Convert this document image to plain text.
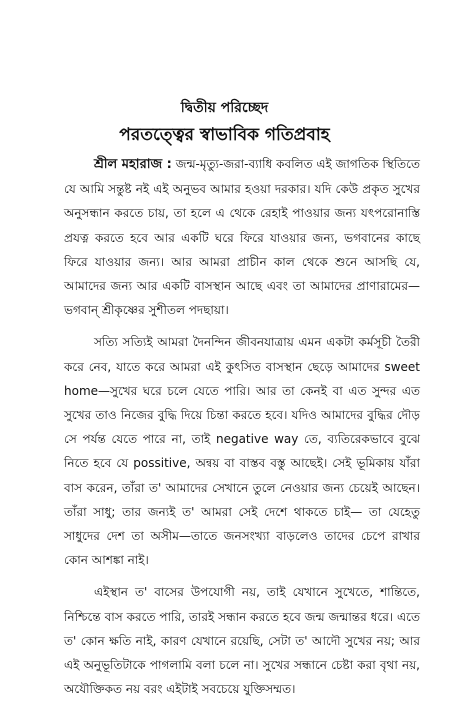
দ্বিতীয় পরিচ্ছেদ
পরতত্ত্বের স্বাভাবিক গতিপ্রবাহ

শ্রীল মহারাজ : জন্ম-মৃত্যু-জরা-ব্যাধি কবলিত এই জাগতিক স্থিতিতে যে আমি সন্তুষ্ট নই এই অনুভব আমার হওয়া দরকার। যদি কেউ প্রকৃত সুখের অনুসন্ধান করতে চায়, তা হলে এ থেকে রেহাই পাওয়ার জন্য যৎপরোনাস্তি প্রযত্ন করতে হবে আর একটি ঘরে ফিরে যাওয়ার জন্য, ভগবানের কাছে ফিরে যাওয়ার জন্য। আর আমরা প্রাচীন কাল থেকে শুনে আসছি যে, আমাদের জন্য আর একটি বাসস্থান আছে এবং তা আমাদের প্রাণারামের—ভগবান্ শ্রীকৃষ্ণের সুশীতল পদছায়া।

সত্যি সত্যিই আমরা দৈনন্দিন জীবনযাত্রায় এমন একটা কর্মসূচী তৈরী করে নেব, যাতে করে আমরা এই কুৎসিত বাসস্থান ছেড়ে আমাদের sweet home—সুখের ঘরে চলে যেতে পারি। আর তা কেনই বা এত সুন্দর এত সুখের তাও নিজের বুদ্ধি দিয়ে চিন্তা করতে হবে। যদিও আমাদের বুদ্ধির দৌড় সে পর্যন্ত যেতে পারে না, তাই negative way তে, ব্যতিরেকভাবে বুঝে নিতে হবে যে possitive, অন্বয় বা বাস্তব বস্তু আছেই। সেই ভূমিকায় যাঁরা বাস করেন, তাঁরা ত' আমাদের সেখানে তুলে নেওয়ার জন্য চেয়েই আছেন। তাঁরা সাধু; তার জন্যই ত' আমরা সেই দেশে থাকতে চাই— তা যেহেতু সাধুদের দেশ তা অসীম—তাতে জনসংখ্যা বাড়লেও তাদের চেপে রাখার কোন আশঙ্কা নাই।

এইস্থান ত' বাসের উপযোগী নয়, তাই যেখানে সুখেতে, শান্তিতে, নিশ্চিন্তে বাস করতে পারি, তারই সন্ধান করতে হবে জন্ম জন্মান্তর ধরে। এতে ত' কোন ক্ষতি নাই, কারণ যেখানে রয়েছি, সেটা ত' আদৌ সুখের নয়; আর এই অনুভূতিটাকে পাগলামি বলা চলে না। সুখের সন্ধানে চেষ্টা করা বৃথা নয়, অযৌক্তিকত নয় বরং এইটাই সবচেয়ে যুক্তিসম্মত।
